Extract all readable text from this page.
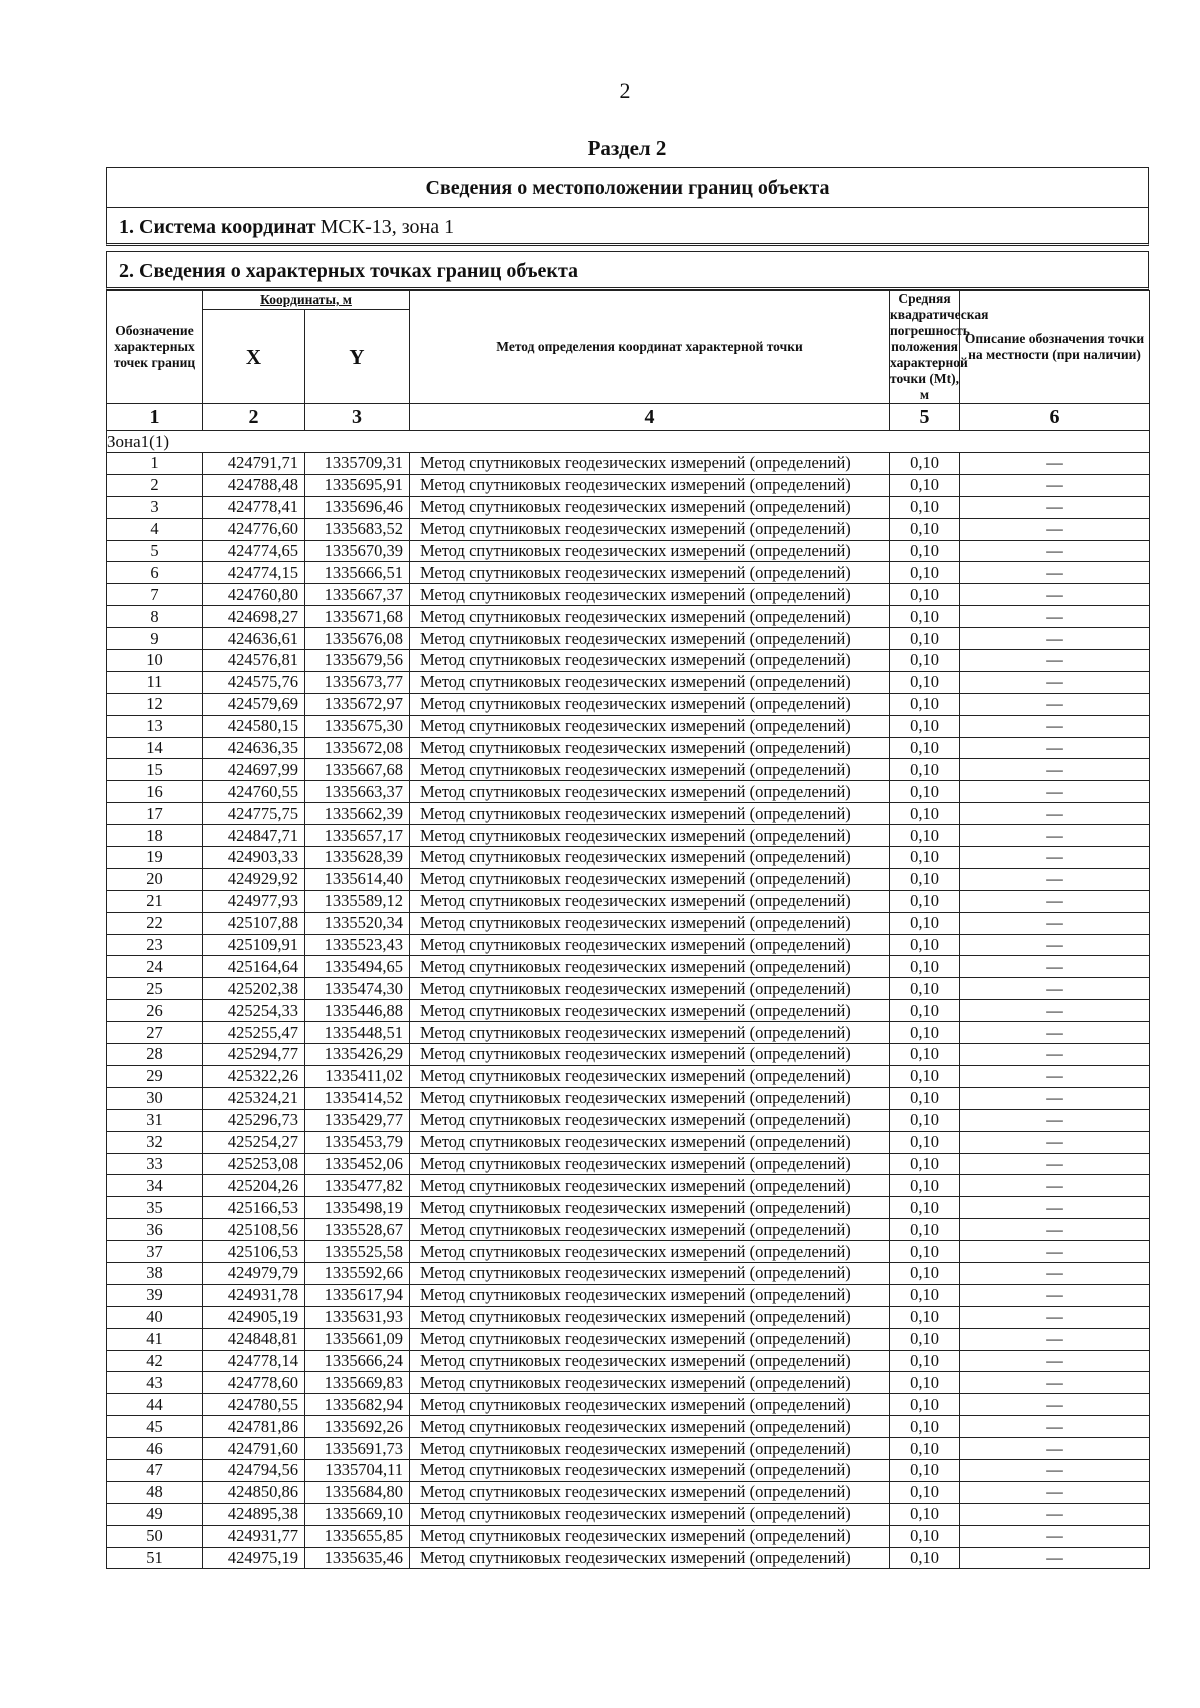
2
Раздел 2
Сведения о местоположении границ объекта
1. Система координат МСК-13, зона 1
2. Сведения о характерных точках границ объекта
Обозначение характерных точек границ	Координаты, м		Метод определения координат характерной точки	Средняя квадратическая погрешность положения характерной точки (Mt), м	Описание обозначения точки на местности (при наличии)
	X	Y			
1	2	3	4	5	6
Зона1(1)					
1	424791,71	1335709,31	Метод спутниковых геодезических измерений (определений)	0,10	—
2	424788,48	1335695,91	Метод спутниковых геодезических измерений (определений)	0,10	—
3	424778,41	1335696,46	Метод спутниковых геодезических измерений (определений)	0,10	—
4	424776,60	1335683,52	Метод спутниковых геодезических измерений (определений)	0,10	—
5	424774,65	1335670,39	Метод спутниковых геодезических измерений (определений)	0,10	—
6	424774,15	1335666,51	Метод спутниковых геодезических измерений (определений)	0,10	—
7	424760,80	1335667,37	Метод спутниковых геодезических измерений (определений)	0,10	—
8	424698,27	1335671,68	Метод спутниковых геодезических измерений (определений)	0,10	—
9	424636,61	1335676,08	Метод спутниковых геодезических измерений (определений)	0,10	—
10	424576,81	1335679,56	Метод спутниковых геодезических измерений (определений)	0,10	—
11	424575,76	1335673,77	Метод спутниковых геодезических измерений (определений)	0,10	—
12	424579,69	1335672,97	Метод спутниковых геодезических измерений (определений)	0,10	—
13	424580,15	1335675,30	Метод спутниковых геодезических измерений (определений)	0,10	—
14	424636,35	1335672,08	Метод спутниковых геодезических измерений (определений)	0,10	—
15	424697,99	1335667,68	Метод спутниковых геодезических измерений (определений)	0,10	—
16	424760,55	1335663,37	Метод спутниковых геодезических измерений (определений)	0,10	—
17	424775,75	1335662,39	Метод спутниковых геодезических измерений (определений)	0,10	—
18	424847,71	1335657,17	Метод спутниковых геодезических измерений (определений)	0,10	—
19	424903,33	1335628,39	Метод спутниковых геодезических измерений (определений)	0,10	—
20	424929,92	1335614,40	Метод спутниковых геодезических измерений (определений)	0,10	—
21	424977,93	1335589,12	Метод спутниковых геодезических измерений (определений)	0,10	—
22	425107,88	1335520,34	Метод спутниковых геодезических измерений (определений)	0,10	—
23	425109,91	1335523,43	Метод спутниковых геодезических измерений (определений)	0,10	—
24	425164,64	1335494,65	Метод спутниковых геодезических измерений (определений)	0,10	—
25	425202,38	1335474,30	Метод спутниковых геодезических измерений (определений)	0,10	—
26	425254,33	1335446,88	Метод спутниковых геодезических измерений (определений)	0,10	—
27	425255,47	1335448,51	Метод спутниковых геодезических измерений (определений)	0,10	—
28	425294,77	1335426,29	Метод спутниковых геодезических измерений (определений)	0,10	—
29	425322,26	1335411,02	Метод спутниковых геодезических измерений (определений)	0,10	—
30	425324,21	1335414,52	Метод спутниковых геодезических измерений (определений)	0,10	—
31	425296,73	1335429,77	Метод спутниковых геодезических измерений (определений)	0,10	—
32	425254,27	1335453,79	Метод спутниковых геодезических измерений (определений)	0,10	—
33	425253,08	1335452,06	Метод спутниковых геодезических измерений (определений)	0,10	—
34	425204,26	1335477,82	Метод спутниковых геодезических измерений (определений)	0,10	—
35	425166,53	1335498,19	Метод спутниковых геодезических измерений (определений)	0,10	—
36	425108,56	1335528,67	Метод спутниковых геодезических измерений (определений)	0,10	—
37	425106,53	1335525,58	Метод спутниковых геодезических измерений (определений)	0,10	—
38	424979,79	1335592,66	Метод спутниковых геодезических измерений (определений)	0,10	—
39	424931,78	1335617,94	Метод спутниковых геодезических измерений (определений)	0,10	—
40	424905,19	1335631,93	Метод спутниковых геодезических измерений (определений)	0,10	—
41	424848,81	1335661,09	Метод спутниковых геодезических измерений (определений)	0,10	—
42	424778,14	1335666,24	Метод спутниковых геодезических измерений (определений)	0,10	—
43	424778,60	1335669,83	Метод спутниковых геодезических измерений (определений)	0,10	—
44	424780,55	1335682,94	Метод спутниковых геодезических измерений (определений)	0,10	—
45	424781,86	1335692,26	Метод спутниковых геодезических измерений (определений)	0,10	—
46	424791,60	1335691,73	Метод спутниковых геодезических измерений (определений)	0,10	—
47	424794,56	1335704,11	Метод спутниковых геодезических измерений (определений)	0,10	—
48	424850,86	1335684,80	Метод спутниковых геодезических измерений (определений)	0,10	—
49	424895,38	1335669,10	Метод спутниковых геодезических измерений (определений)	0,10	—
50	424931,77	1335655,85	Метод спутниковых геодезических измерений (определений)	0,10	—
51	424975,19	1335635,46	Метод спутниковых геодезических измерений (определений)	0,10	—
